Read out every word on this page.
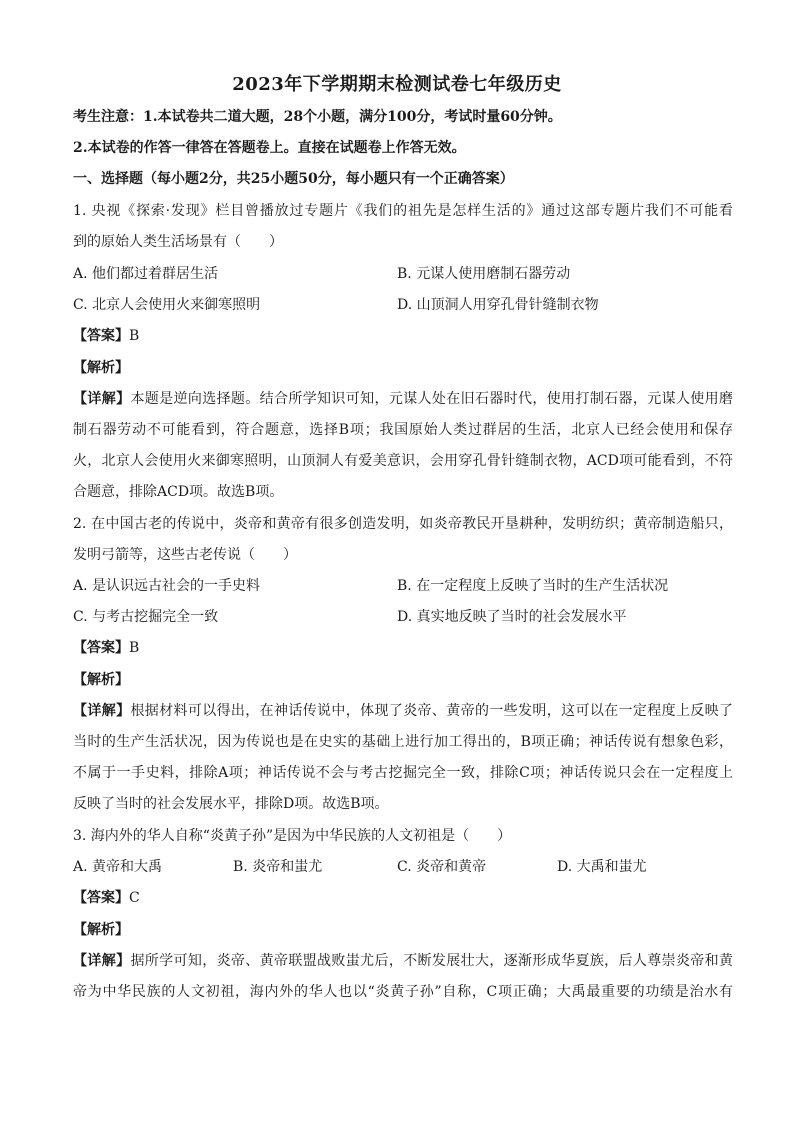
2023年下学期期末检测试卷七年级历史
考生注意：1.本试卷共二道大题，28个小题，满分100分，考试时量60分钟。
2.本试卷的作答一律答在答题卷上。直接在试题卷上作答无效。
一、选择题（每小题2分，共25小题50分，每小题只有一个正确答案）
1. 央视《探索·发现》栏目曾播放过专题片《我们的祖先是怎样生活的》通过这部专题片我们不可能看
到的原始人类生活场景有（　　）
A. 他们都过着群居生活	B. 元谋人使用磨制石器劳动
C. 北京人会使用火来御寒照明	D. 山顶洞人用穿孔骨针缝制衣物
【答案】B
【解析】
【详解】本题是逆向选择题。结合所学知识可知，元谋人处在旧石器时代，使用打制石器，元谋人使用磨
制石器劳动不可能看到，符合题意，选择B项；我国原始人类过群居的生活，北京人已经会使用和保存
火，北京人会使用火来御寒照明，山顶洞人有爱美意识，会用穿孔骨针缝制衣物，ACD项可能看到，不符
合题意，排除ACD项。故选B项。
2. 在中国古老的传说中，炎帝和黄帝有很多创造发明，如炎帝教民开垦耕种，发明纺织；黄帝制造船只，
发明弓箭等，这些古老传说（　　）
A. 是认识远古社会的一手史料	B. 在一定程度上反映了当时的生产生活状况
C. 与考古挖掘完全一致	D. 真实地反映了当时的社会发展水平
【答案】B
【解析】
【详解】根据材料可以得出，在神话传说中，体现了炎帝、黄帝的一些发明，这可以在一定程度上反映了
当时的生产生活状况，因为传说也是在史实的基础上进行加工得出的，B项正确；神话传说有想象色彩，
不属于一手史料，排除A项；神话传说不会与考古挖掘完全一致，排除C项；神话传说只会在一定程度上
反映了当时的社会发展水平，排除D项。故选B项。
3. 海内外的华人自称“炎黄子孙”是因为中华民族的人文初祖是（　　）
A. 黄帝和大禹	B. 炎帝和蚩尤	C. 炎帝和黄帝	D. 大禹和蚩尤
【答案】C
【解析】
【详解】据所学可知，炎帝、黄帝联盟战败蚩尤后，不断发展壮大，逐渐形成华夏族，后人尊崇炎帝和黄
帝为中华民族的人文初祖，海内外的华人也以“炎黄子孙”自称，C项正确；大禹最重要的功绩是治水有
